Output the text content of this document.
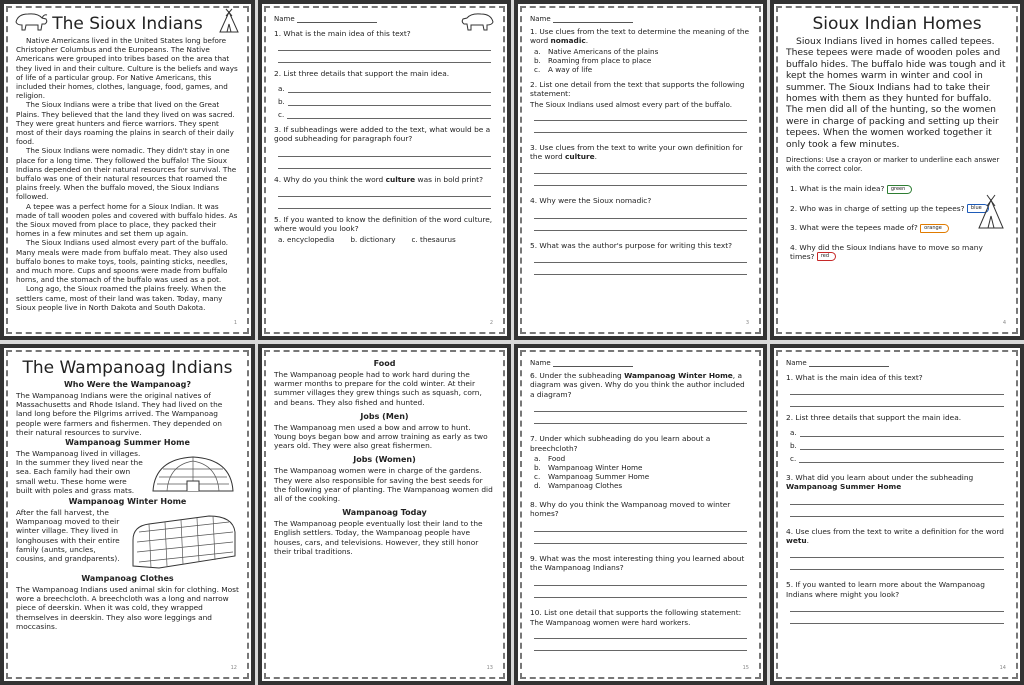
The Sioux Indians

Native Americans lived in the United States long before Christopher Columbus and the Europeans. The Native Americans were grouped into tribes based on the area that they lived in and their culture. Culture is the beliefs and ways of life of a particular group. For Native Americans, this included their homes, clothes, language, food, games, and religion.

The Sioux Indians were a tribe that lived on the Great Plains. They believed that the land they lived on was sacred. They were great hunters and fierce warriors. They spent most of their days roaming the plains in search of their daily food.

The Sioux Indians were nomadic. They didn't stay in one place for a long time. They followed the buffalo! The Sioux Indians depended on their natural resources for survival. The buffalo was one of their natural resources that roamed the plains freely. When the buffalo moved, the Sioux Indians followed.

A tepee was a perfect home for a Sioux Indian. It was made of tall wooden poles and covered with buffalo hides. As the Sioux moved from place to place, they packed their homes in a few minutes and set them up again.

The Sioux Indians used almost every part of the buffalo. Many meals were made from buffalo meat. They also used buffalo bones to make toys, tools, painting sticks, needles, and much more. Cups and spoons were made from buffalo horns, and the stomach of the buffalo was used as a pot.

Long ago, the Sioux roamed the plains freely. When the settlers came, most of their land was taken. Today, many Sioux people live in North Dakota and South Dakota.

1
Name
1. What is the main idea of this text?
2. List three details that support the main idea.
a.
b.
c.
3. If subheadings were added to the text, what would be a good subheading for paragraph four?
4. Why do you think the word culture was in bold print?
5. If you wanted to know the definition of the word culture, where would you look?
a. encyclopedia b. dictionary c. thesaurus
2
Name
1. Use clues from the text to determine the meaning of the word nomadic.
a. Native Americans of the plains
b. Roaming from place to place
c. A way of life
2. List one detail from the text that supports the following statement:
The Sioux Indians used almost every part of the buffalo.
3. Use clues from the text to write your own definition for the word culture.
4. Why were the Sioux nomadic?
5. What was the author's purpose for writing this text?
3
Sioux Indian Homes

Sioux Indians lived in homes called tepees. These tepees were made of wooden poles and buffalo hides. The buffalo hide was tough and it kept the homes warm in winter and cool in summer. The Sioux Indians had to take their homes with them as they hunted for buffalo. The men did all of the hunting, so the women were in charge of packing and setting up their tepees. When the women worked together it only took a few minutes.

Directions: Use a crayon or marker to underline each answer with the correct color.
1. What is the main idea? green
2. Who was in charge of setting up the tepees? blue
3. What were the tepees made of? orange
4. Why did the Sioux Indians have to move so many times? red
4
The Wampanoag Indians
Who Were the Wampanoag?
The Wampanoag Indians were the original natives of Massachusetts and Rhode Island. They had lived on the land long before the Pilgrims arrived. The Wampanoag people were farmers and fishermen. They depended on their natural resources to survive.
Wampanoag Summer Home
The Wampanoag lived in villages. In the summer they lived near the sea. Each family had their own small wetu. These home were built with poles and grass mats.
Wampanoag Winter Home
After the fall harvest, the Wampanoag moved to their winter village. They lived in longhouses with their entire family (aunts, uncles, cousins, and grandparents).
Wampanoag Clothes
The Wampanoag Indians used animal skin for clothing. Most wore a breechcloth. A breechcloth was a long and narrow piece of deerskin. When it was cold, they wrapped themselves in deerskin. They also wore leggings and moccasins.
12
Food
The Wampanoag people had to work hard during the warmer months to prepare for the cold winter. At their summer villages they grew things such as squash, corn, and beans. They also fished and hunted.
Jobs (Men)
The Wampanoag men used a bow and arrow to hunt. Young boys began bow and arrow training as early as two years old. They were also great fishermen.
Jobs (Women)
The Wampanoag women were in charge of the gardens. They were also responsible for saving the best seeds for the following year of planting. The Wampanoag women did all of the cooking.
Wampanoag Today
The Wampanoag people eventually lost their land to the English settlers. Today, the Wampanoag people have houses, cars, and televisions. However, they still honor their tribal traditions.
13
Name
6. Under the subheading Wampanoag Winter Home, a diagram was given. Why do you think the author included a diagram?
7. Under which subheading do you learn about a breechcloth?
a. Food
b. Wampanoag Winter Home
c. Wampanoag Summer Home
d. Wampanoag Clothes
8. Why do you think the Wampanoag moved to winter homes?
9. What was the most interesting thing you learned about the Wampanoag Indians?
10. List one detail that supports the following statement:
The Wampanoag women were hard workers.
15
Name
1. What is the main idea of this text?
2. List three details that support the main idea.
a.
b.
c.
3. What did you learn about under the subheading
Wampanoag Summer Home
4. Use clues from the text to write a definition for the word wetu.
5. If you wanted to learn more about the Wampanoag Indians where might you look?
14
